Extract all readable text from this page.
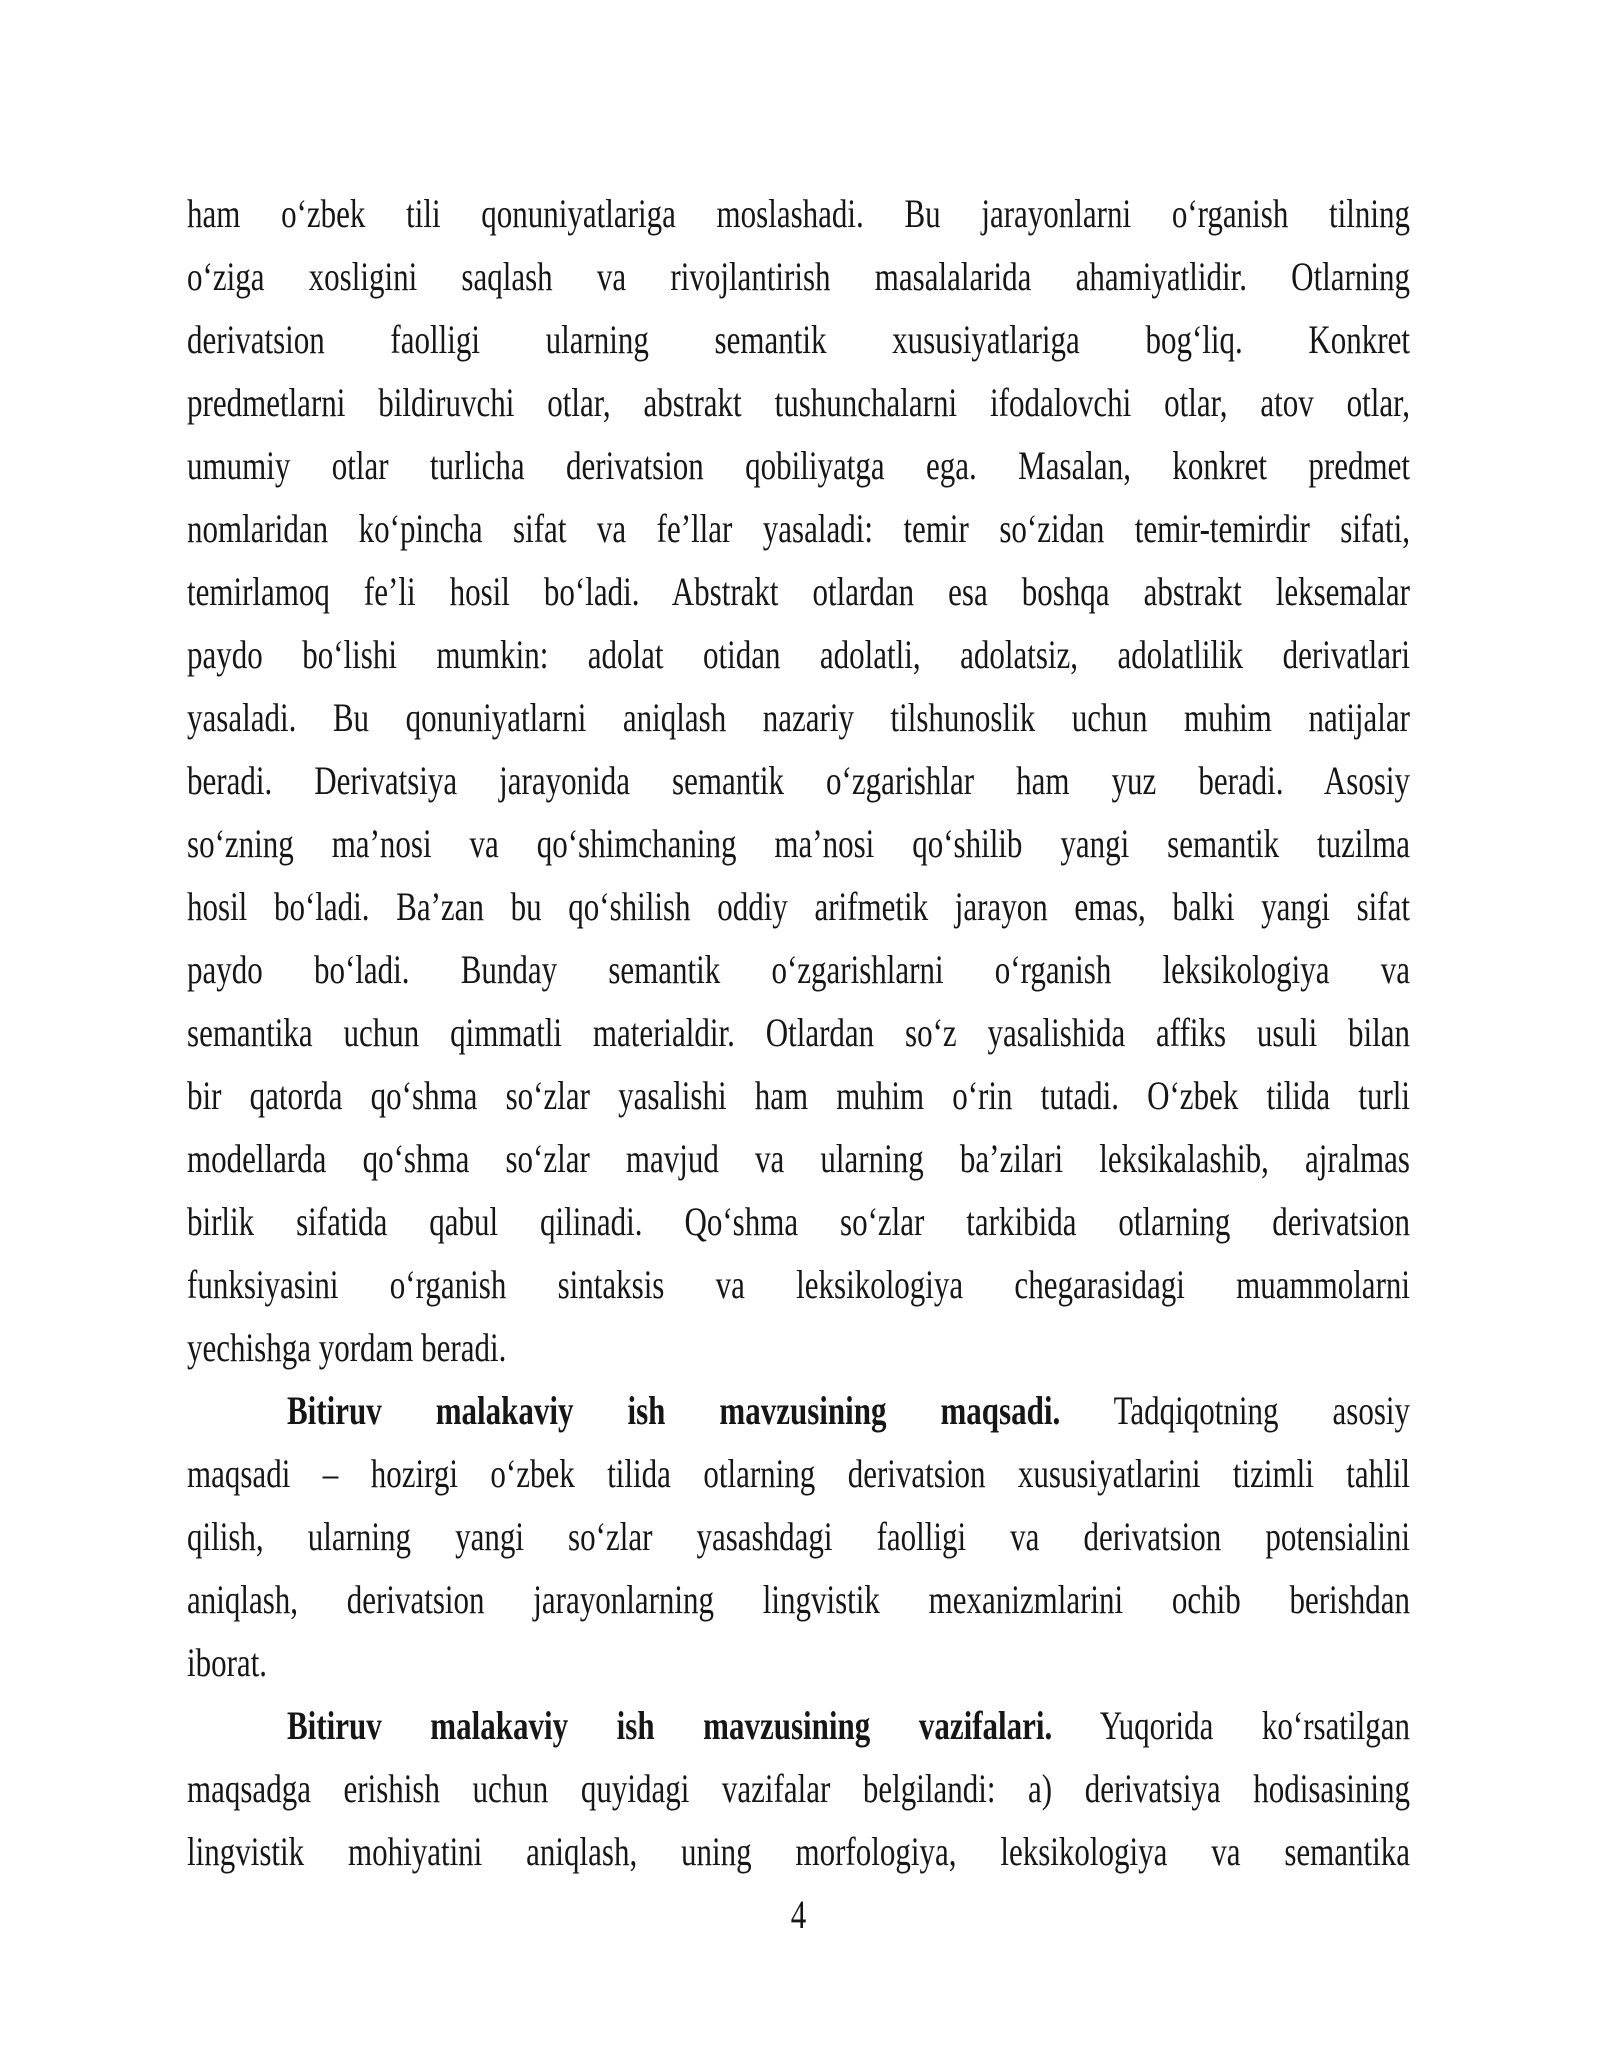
ham o‘zbek tili qonuniyatlariga moslashadi. Bu jarayonlarni o‘rganish tilning
o‘ziga xosligini saqlash va rivojlantirish masalalarida ahamiyatlidir. Otlarning
derivatsion faolligi ularning semantik xususiyatlariga bog‘liq. Konkret
predmetlarni bildiruvchi otlar, abstrakt tushunchalarni ifodalovchi otlar, atov otlar,
umumiy otlar turlicha derivatsion qobiliyatga ega. Masalan, konkret predmet
nomlaridan ko‘pincha sifat va fe’llar yasaladi: temir so‘zidan temir-temirdir sifati,
temirlamoq fe’li hosil bo‘ladi. Abstrakt otlardan esa boshqa abstrakt leksemalar
paydo bo‘lishi mumkin: adolat otidan adolatli, adolatsiz, adolatlilik derivatlari
yasaladi. Bu qonuniyatlarni aniqlash nazariy tilshunoslik uchun muhim natijalar
beradi. Derivatsiya jarayonida semantik o‘zgarishlar ham yuz beradi. Asosiy
so‘zning ma’nosi va qo‘shimchaning ma’nosi qo‘shilib yangi semantik tuzilma
hosil bo‘ladi. Ba’zan bu qo‘shilish oddiy arifmetik jarayon emas, balki yangi sifat
paydo bo‘ladi. Bunday semantik o‘zgarishlarni o‘rganish leksikologiya va
semantika uchun qimmatli materialdir. Otlardan so‘z yasalishida affiks usuli bilan
bir qatorda qo‘shma so‘zlar yasalishi ham muhim o‘rin tutadi. O‘zbek tilida turli
modellarda qo‘shma so‘zlar mavjud va ularning ba’zilari leksikalashib, ajralmas
birlik sifatida qabul qilinadi. Qo‘shma so‘zlar tarkibida otlarning derivatsion
funksiyasini o‘rganish sintaksis va leksikologiya chegarasidagi muammolarni
yechishga yordam beradi.
Bitiruv malakaviy ish mavzusining maqsadi. Tadqiqotning asosiy
maqsadi – hozirgi o‘zbek tilida otlarning derivatsion xususiyatlarini tizimli tahlil
qilish, ularning yangi so‘zlar yasashdagi faolligi va derivatsion potensialini
aniqlash, derivatsion jarayonlarning lingvistik mexanizmlarini ochib berishdan
iborat.
Bitiruv malakaviy ish mavzusining vazifalari. Yuqorida ko‘rsatilgan
maqsadga erishish uchun quyidagi vazifalar belgilandi: a) derivatsiya hodisasining
lingvistik mohiyatini aniqlash, uning morfologiya, leksikologiya va semantika
4
